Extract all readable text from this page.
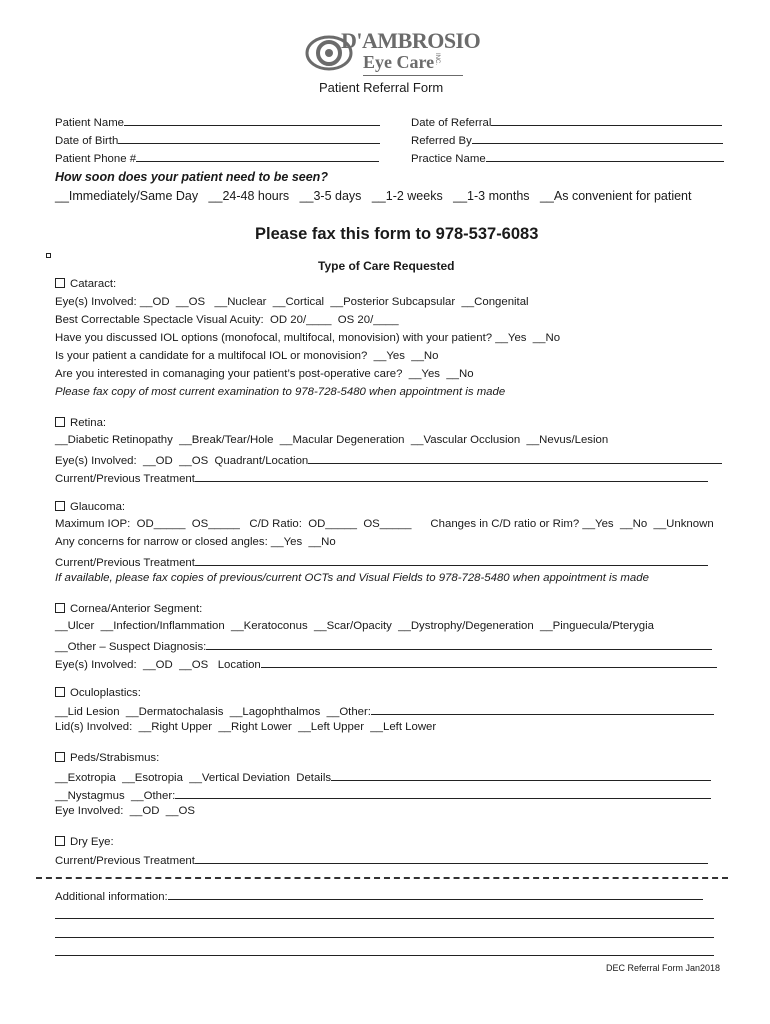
D'AMBROSIO
Eye Care INC.
Patient Referral Form
Patient Name
Date of Birth
Patient Phone #
Date of Referral
Referred By
Practice Name
How soon does your patient need to be seen?
__Immediately/Same Day   __24-48 hours   __3-5 days   __1-2 weeks   __1-3 months   __As convenient for patient
Please fax this form to 978-537-6083
Type of Care Requested
Cataract:
Eye(s) Involved: __OD  __OS   __Nuclear  __Cortical  __Posterior Subcapsular  __Congenital
Best Correctable Spectacle Visual Acuity:  OD 20/____  OS 20/____
Have you discussed IOL options (monofocal, multifocal, monovision) with your patient? __Yes  __No
Is your patient a candidate for a multifocal IOL or monovision?  __Yes  __No
Are you interested in comanaging your patient’s post-operative care?  __Yes  __No
Please fax copy of most current examination to 978-728-5480 when appointment is made
Retina:
__Diabetic Retinopathy  __Break/Tear/Hole  __Macular Degeneration  __Vascular Occlusion  __Nevus/Lesion
Eye(s) Involved:  __OD  __OS  Quadrant/Location
Current/Previous Treatment
Glaucoma:
Maximum IOP:  OD_____  OS_____   C/D Ratio:  OD_____  OS_____      Changes in C/D ratio or Rim? __Yes  __No  __Unknown
Any concerns for narrow or closed angles: __Yes  __No
Current/Previous Treatment
If available, please fax copies of previous/current OCTs and Visual Fields to 978-728-5480 when appointment is made
Cornea/Anterior Segment:
__Ulcer  __Infection/Inflammation  __Keratoconus  __Scar/Opacity  __Dystrophy/Degeneration  __Pinguecula/Pterygia
__Other – Suspect Diagnosis:
Eye(s) Involved:  __OD  __OS   Location
Oculoplastics:
__Lid Lesion  __Dermatochalasis  __Lagophthalmos  __Other:
Lid(s) Involved:  __Right Upper  __Right Lower  __Left Upper  __Left Lower
Peds/Strabismus:
__Exotropia  __Esotropia  __Vertical Deviation  Details
__Nystagmus  __Other:
Eye Involved:  __OD  __OS
Dry Eye:
Current/Previous Treatment
Additional information:
DEC Referral Form Jan2018
